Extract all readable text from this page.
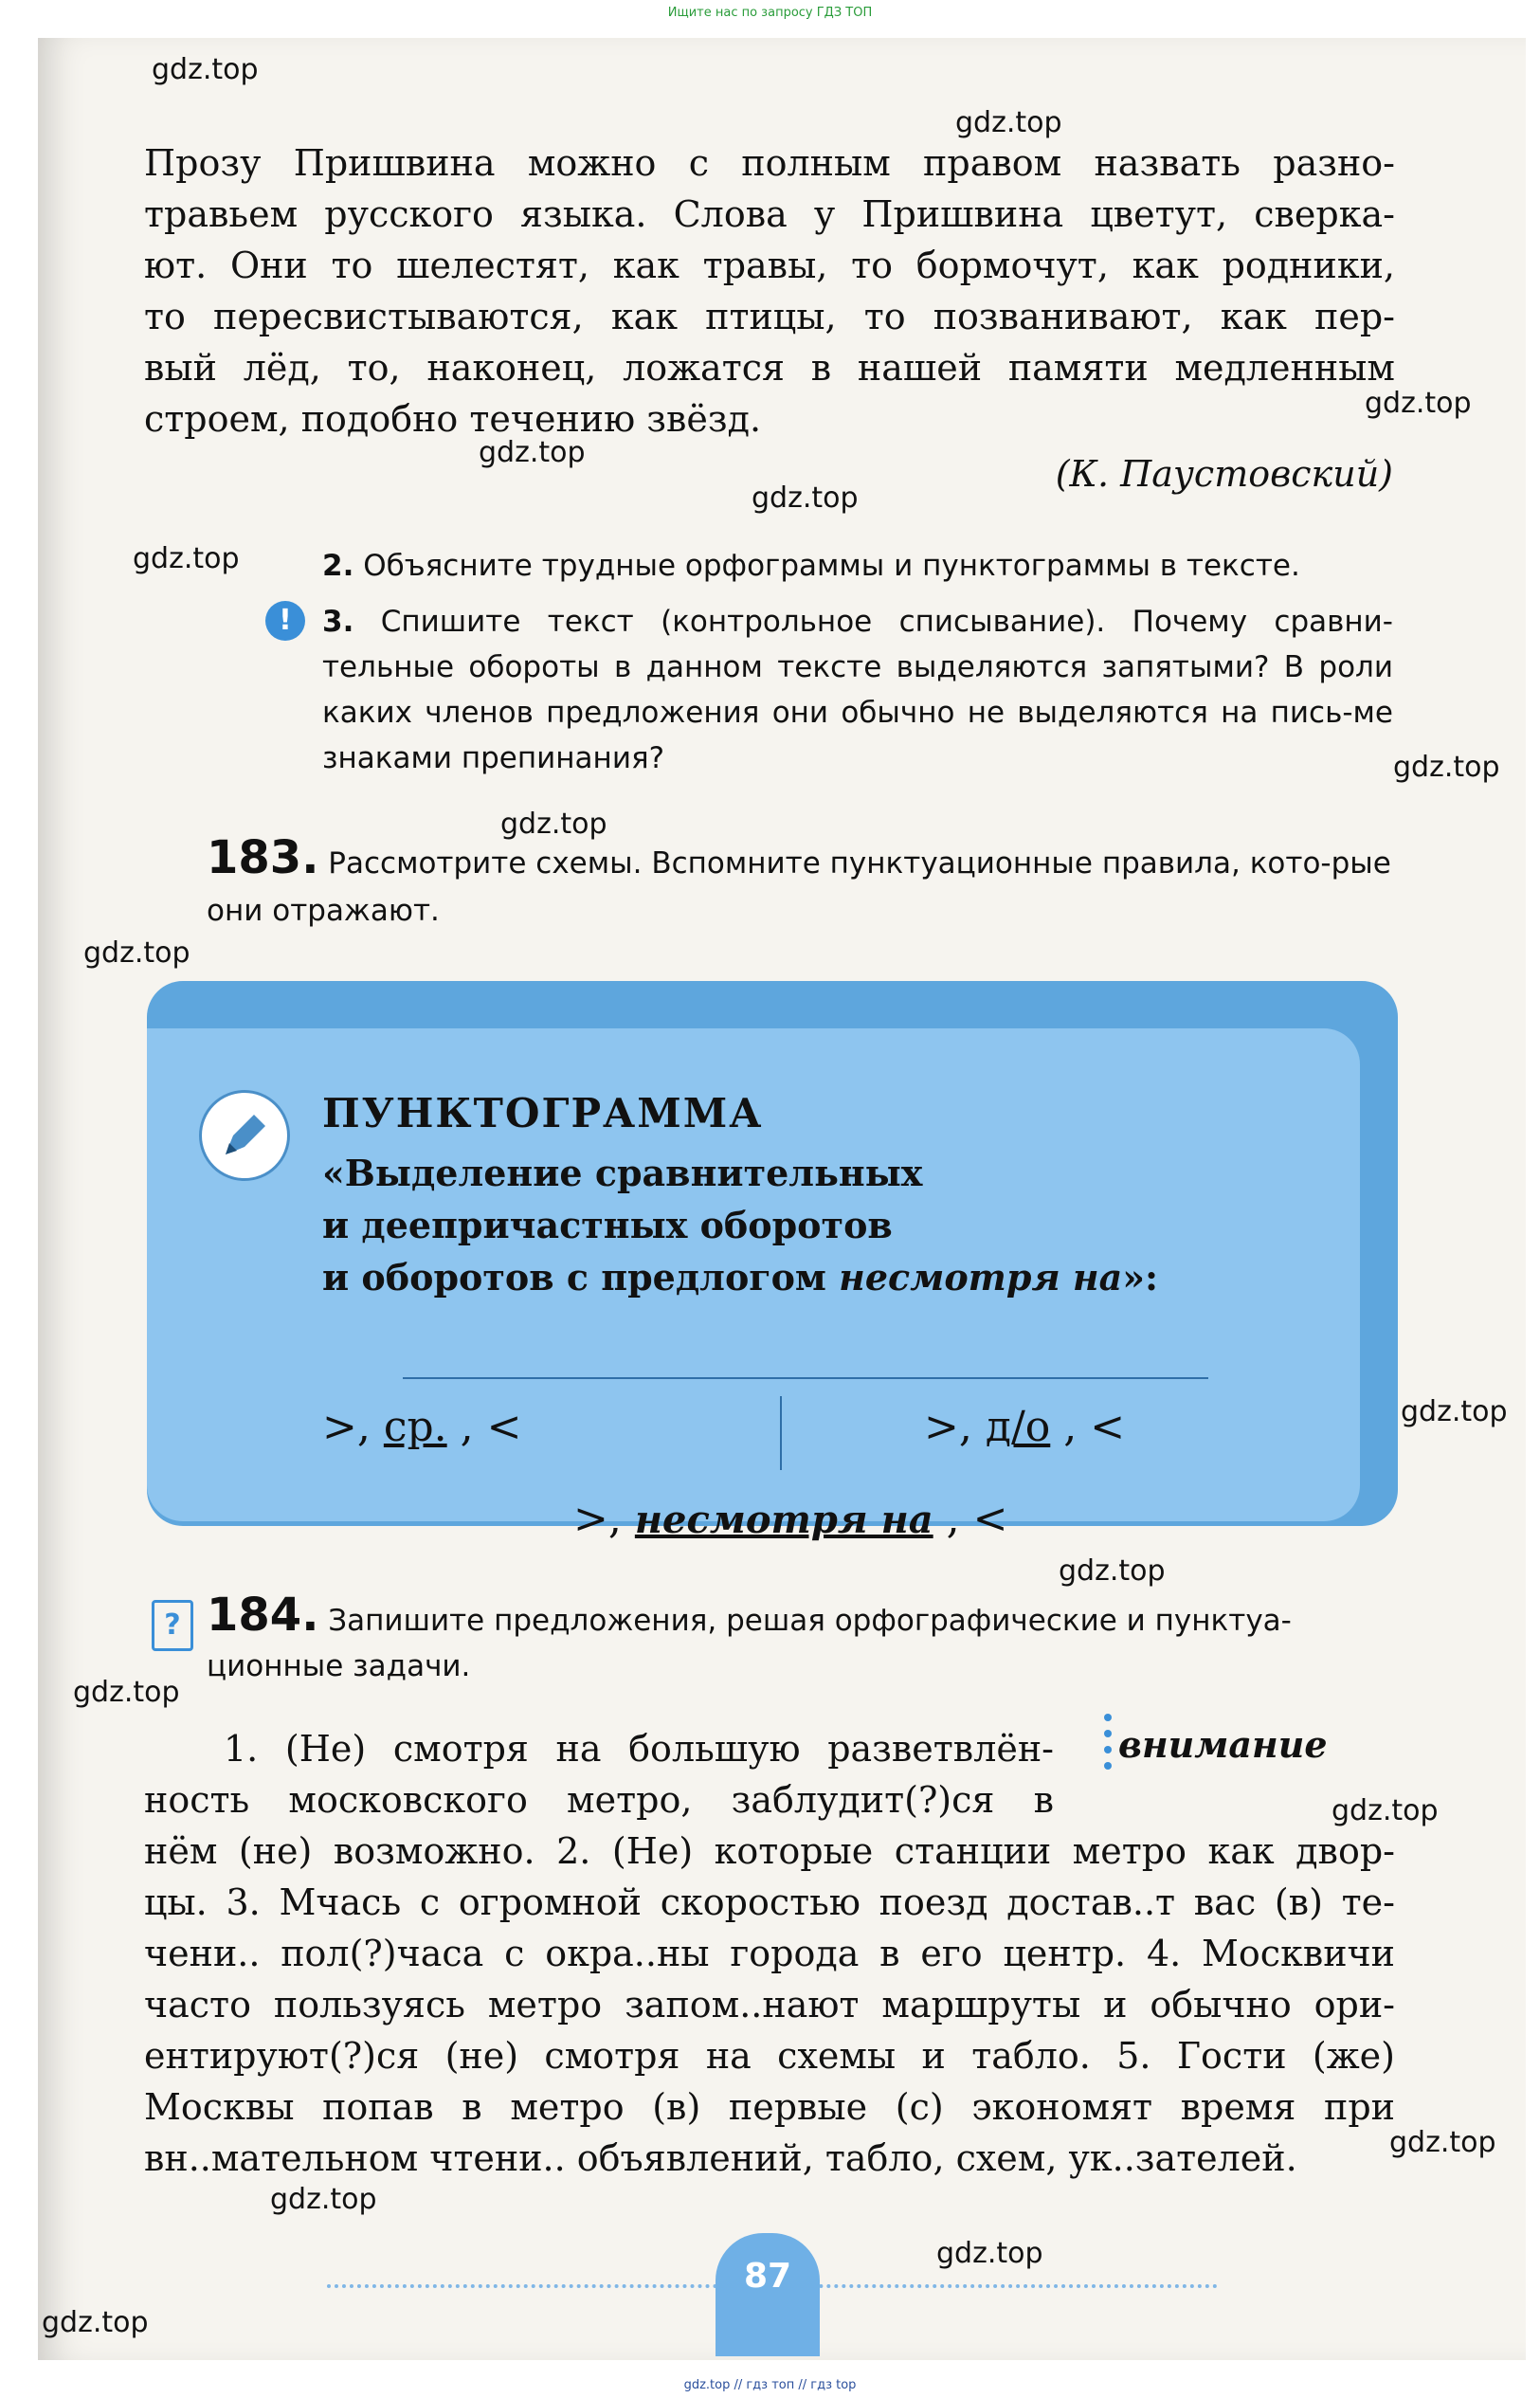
Ищите нас по запросу ГДЗ ТОП
gdz.top
gdz.top
gdz.top
gdz.top
gdz.top
gdz.top
gdz.top
gdz.top
gdz.top
gdz.top
gdz.top
gdz.top
gdz.top
gdz.top
gdz.top
gdz.top
gdz.top
Прозу Пришвина можно с полным правом назвать разно-
травьем русского языка. Слова у Пришвина цветут, сверка-
ют. Они то шелестят, как травы, то бормочут, как родники,
то пересвистываются, как птицы, то позванивают, как пер-
вый лёд, то, наконец, ложатся в нашей памяти медленным
строем, подобно течению звёзд.
(К. Паустовский)
2. Объясните трудные орфограммы и пунктограммы в тексте.
!	3. Спишите текст (контрольное списывание). Почему сравни-тельные обороты в данном тексте выделяются запятыми? В роли каких членов предложения они обычно не выделяются на пись-ме знаками препинания?
183. Рассмотрите схемы. Вспомните пунктуационные правила, кото-рые они отражают.
ПУНКТОГРАММА
«Выделение сравнительных
и деепричастных оборотов
и оборотов с предлогом несмотря на»:
>, ср. , <	>, д/о , <
>, несмотря на , <
? 184. Запишите предложения, решая орфографические и пунктуа-ционные задачи.
внимание
1. (Не) смотря на большую разветвлён-
ность московского метро, заблудит(?)ся в
нём (не) возможно. 2. (Не) которые станции метро как двор-
цы. 3. Мчась с огромной скоростью поезд достав..т вас (в) те-
чени.. пол(?)часа с окра..ны города в его центр. 4. Москвичи
часто пользуясь метро запом..нают маршруты и обычно ори-
ентируют(?)ся (не) смотря на схемы и табло. 5. Гости (же)
Москвы попав в метро (в) первые (с) экономят время при
вн..мательном чтени.. объявлений, табло, схем, ук..зателей.
87
gdz.top // гдз топ // гдз top
